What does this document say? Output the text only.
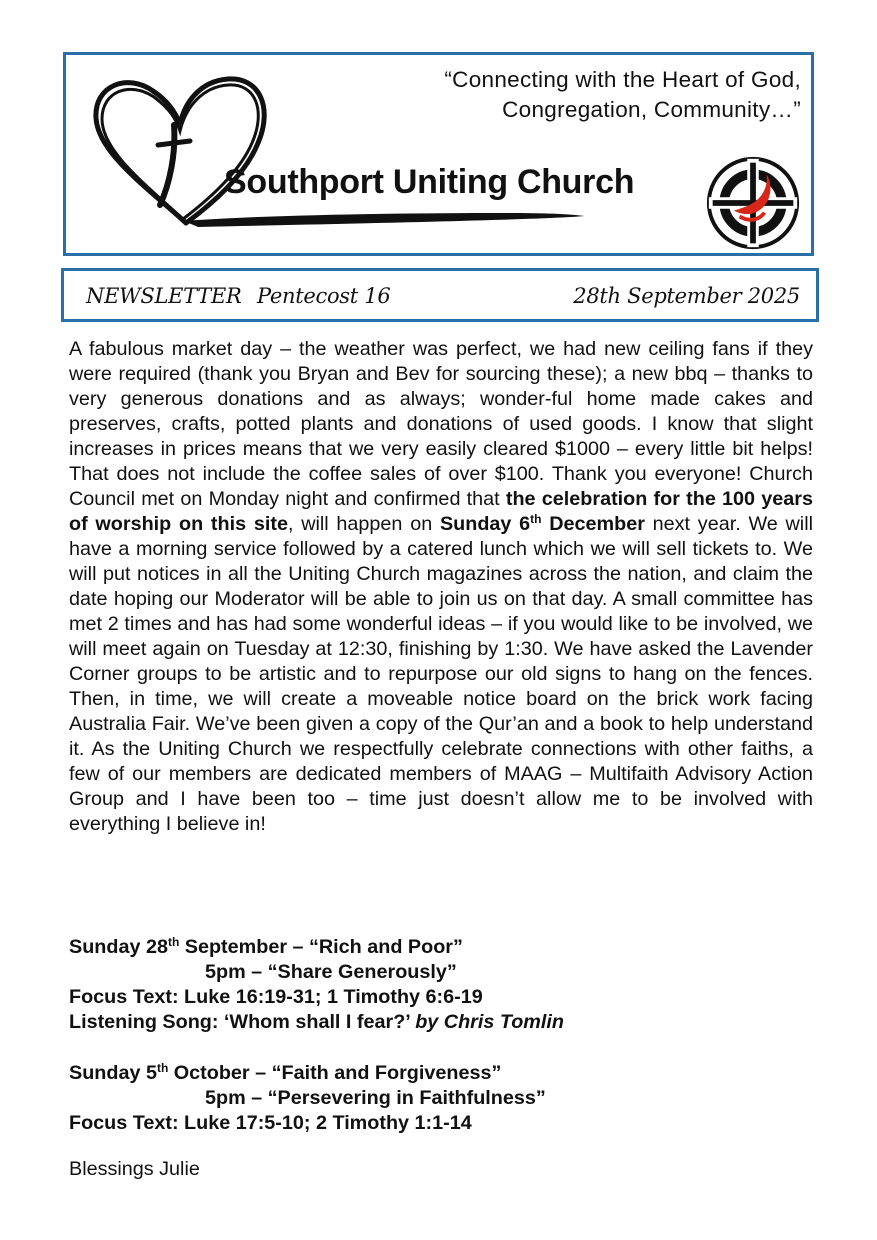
“Connecting with the Heart of God,
Congregation, Community…”
Southport Uniting Church
NEWSLETTER Pentecost 16	28th September 2025
A fabulous market day – the weather was perfect, we had new ceiling fans if they were required (thank you Bryan and Bev for sourcing these); a new bbq – thanks to very generous donations and as always; wonder-ful home made cakes and preserves, crafts, potted plants and donations of used goods. I know that slight increases in prices means that we very easily cleared $1000 – every little bit helps! That does not include the coffee sales of over $100. Thank you everyone! Church Council met on Monday night and confirmed that the celebration for the 100 years of worship on this site, will happen on Sunday 6th December next year. We will have a morning service followed by a catered lunch which we will sell tickets to. We will put notices in all the Uniting Church magazines across the nation, and claim the date hoping our Moderator will be able to join us on that day. A small committee has met 2 times and has had some wonderful ideas – if you would like to be involved, we will meet again on Tuesday at 12:30, finishing by 1:30. We have asked the Lavender Corner groups to be artistic and to repurpose our old signs to hang on the fences. Then, in time, we will create a moveable notice board on the brick work facing Australia Fair. We’ve been given a copy of the Qur’an and a book to help understand it. As the Uniting Church we respectfully celebrate connections with other faiths, a few of our members are dedicated members of MAAG – Multifaith Advisory Action Group and I have been too – time just doesn’t allow me to be involved with everything I believe in!
Sunday 28th September – “Rich and Poor”
5pm – “Share Generously”
Focus Text: Luke 16:19-31; 1 Timothy 6:6-19
Listening Song: ‘Whom shall I fear?’ by Chris Tomlin
Sunday 5th October – “Faith and Forgiveness”
5pm – “Persevering in Faithfulness”
Focus Text: Luke 17:5-10; 2 Timothy 1:1-14
Blessings Julie
